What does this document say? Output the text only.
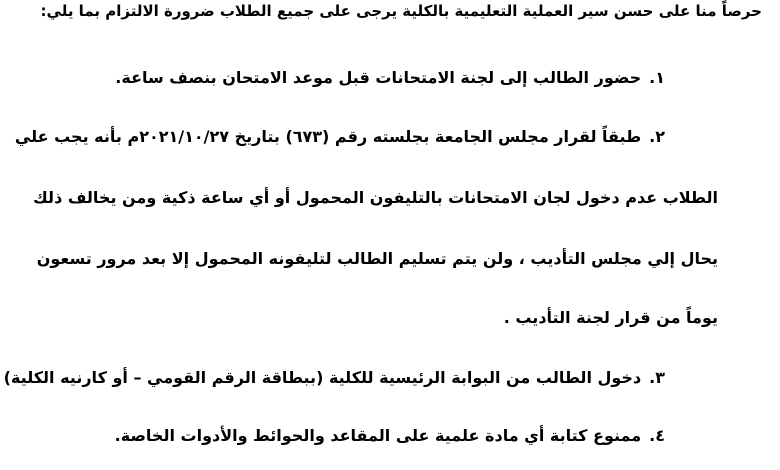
حرصاً منا على حسن سير العملية التعليمية بالكلية يرجى على جميع الطلاب ضرورة الالتزام بما يلي:
١.حضور الطالب إلى لجنة الامتحانات قبل موعد الامتحان بنصف ساعة.
٢.طبقاً لقرار مجلس الجامعة بجلسته رقم (٦٧٣) بتاريخ ٢٠٢١/١٠/٢٧م بأنه يجب علي
الطلاب عدم دخول لجان الامتحانات بالتليفون المحمول أو أي ساعة ذكية ومن يخالف ذلك
يحال إلي مجلس التأديب ، ولن يتم تسليم الطالب لتليفونه المحمول إلا بعد مرور تسعون
يوماً من قرار لجنة التأديب .
٣.دخول الطالب من البوابة الرئيسية للكلية (ببطاقة الرقم القومي – أو كارنيه الكلية)
٤.ممنوع كتابة أي مادة علمية على المقاعد والحوائط والأدوات الخاصة.
